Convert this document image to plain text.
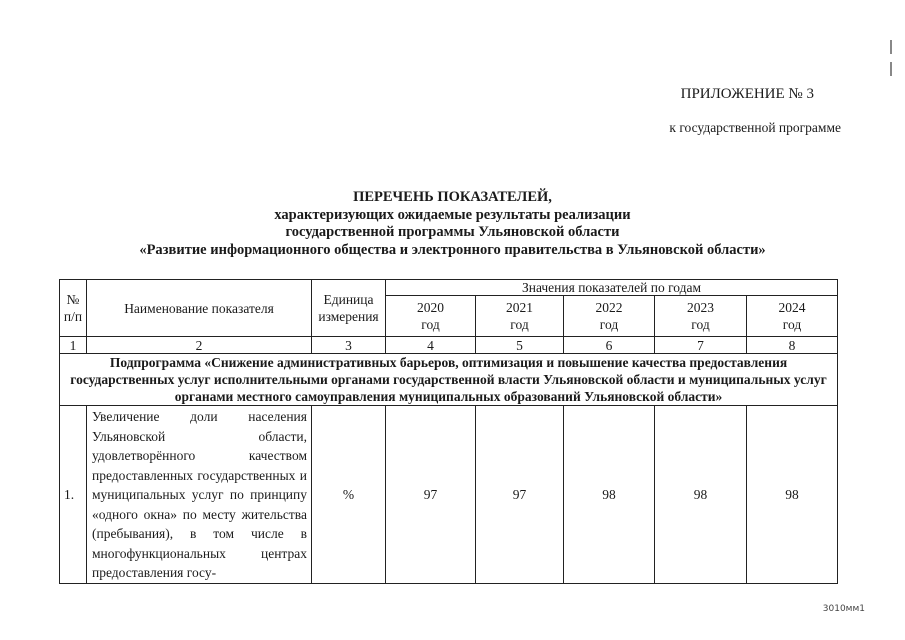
ПРИЛОЖЕНИЕ № 3
к государственной программе
ПЕРЕЧЕНЬ ПОКАЗАТЕЛЕЙ,
характеризующих ожидаемые результаты реализации
государственной программы Ульяновской области
«Развитие информационного общества и электронного правительства в Ульяновской области»
№ п/п	Наименование показателя	Единица измерения	Значения показателей по годам				

			2020 год	2021 год	2022 год	2023 год	2024 год

1	2	3	4	5	6	7	8
Подпрограмма «Снижение административных барьеров, оптимизация и повышение качества предоставления государственных услуг исполнительными органами государственной власти Ульяновской области и муниципальных услуг органами местного самоуправления муниципальных образований Ульяновской области»							
1.	Увеличение доли населения Ульяновской области, удовлетворённого качеством предоставленных государственных и муниципальных услуг по принципу «одного окна» по месту жительства (пребывания), в том числе в многофункциональных центрах предоставления госу-	%	97	97	98	98	98
3010мм1
